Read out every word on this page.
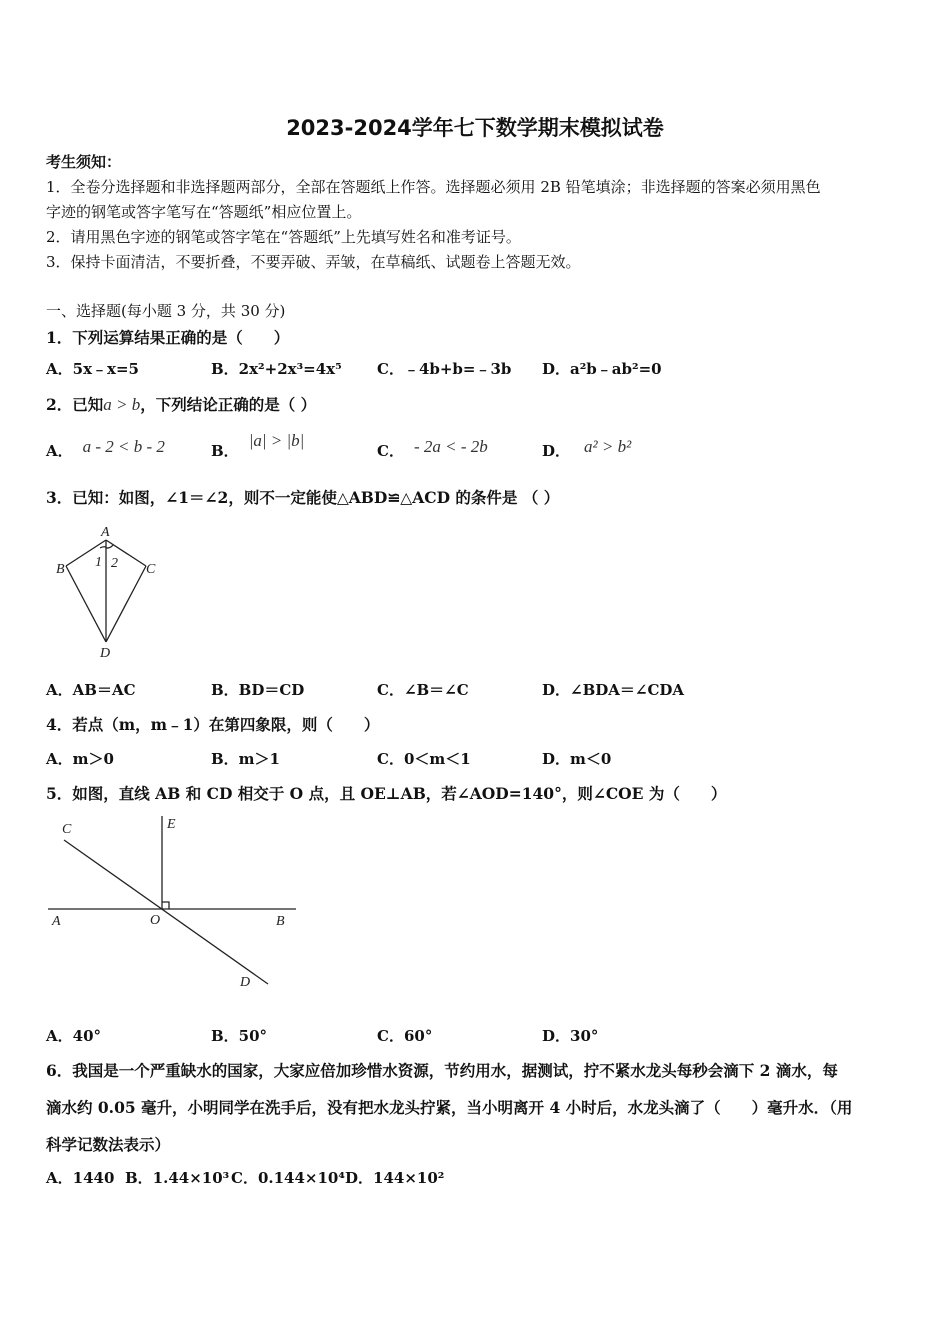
2023-2024学年七下数学期末模拟试卷
考生须知：
1．全卷分选择题和非选择题两部分，全部在答题纸上作答。选择题必须用 2B 铅笔填涂；非选择题的答案必须用黑色
字迹的钢笔或答字笔写在“答题纸”相应位置上。
2．请用黑色字迹的钢笔或答字笔在“答题纸”上先填写姓名和准考证号。
3．保持卡面清洁，不要折叠，不要弄破、弄皱，在草稿纸、试题卷上答题无效。
一、选择题(每小题 3 分，共 30 分)
1．下列运算结果正确的是（　　）
A．5x﹣x=5	B．2x²+2x³=4x⁵ C．﹣4b+b=﹣3b D．a²b﹣ab²=0
2．已知a > b，下列结论正确的是（ ）
A． a - 2 < b - 2	B．|a| > |b|
C． - 2a < - 2b	D． a² > b²
3．已知：如图，∠1＝∠2，则不一定能使△ABD≌△ACD 的条件是 （ ）
A
B	C
D
1 2
A．AB＝AC	B．BD＝CD	C．∠B＝∠C	D．∠BDA＝∠CDA
4．若点（m，m﹣1）在第四象限，则（　　）
A．m＞0	B．m＞1	C．0＜m＜1	D．m＜0
5．如图，直线 AB 和 CD 相交于 O 点，且 OE⊥AB，若∠AOD=140°，则∠COE 为（　　）
C	E
A	O	B
D
A．40°	B．50°	C．60°	D．30°
6．我国是一个严重缺水的国家，大家应倍加珍惜水资源，节约用水，据测试，拧不紧水龙头每秒会滴下 2 滴水，每
滴水约 0.05 毫升，小明同学在洗手后，没有把水龙头拧紧，当小明离开 4 小时后，水龙头滴了（　　）毫升水．（用
科学记数法表示）
A．1440 B．1.44×10³ C．0.144×10⁴ D．144×10²
